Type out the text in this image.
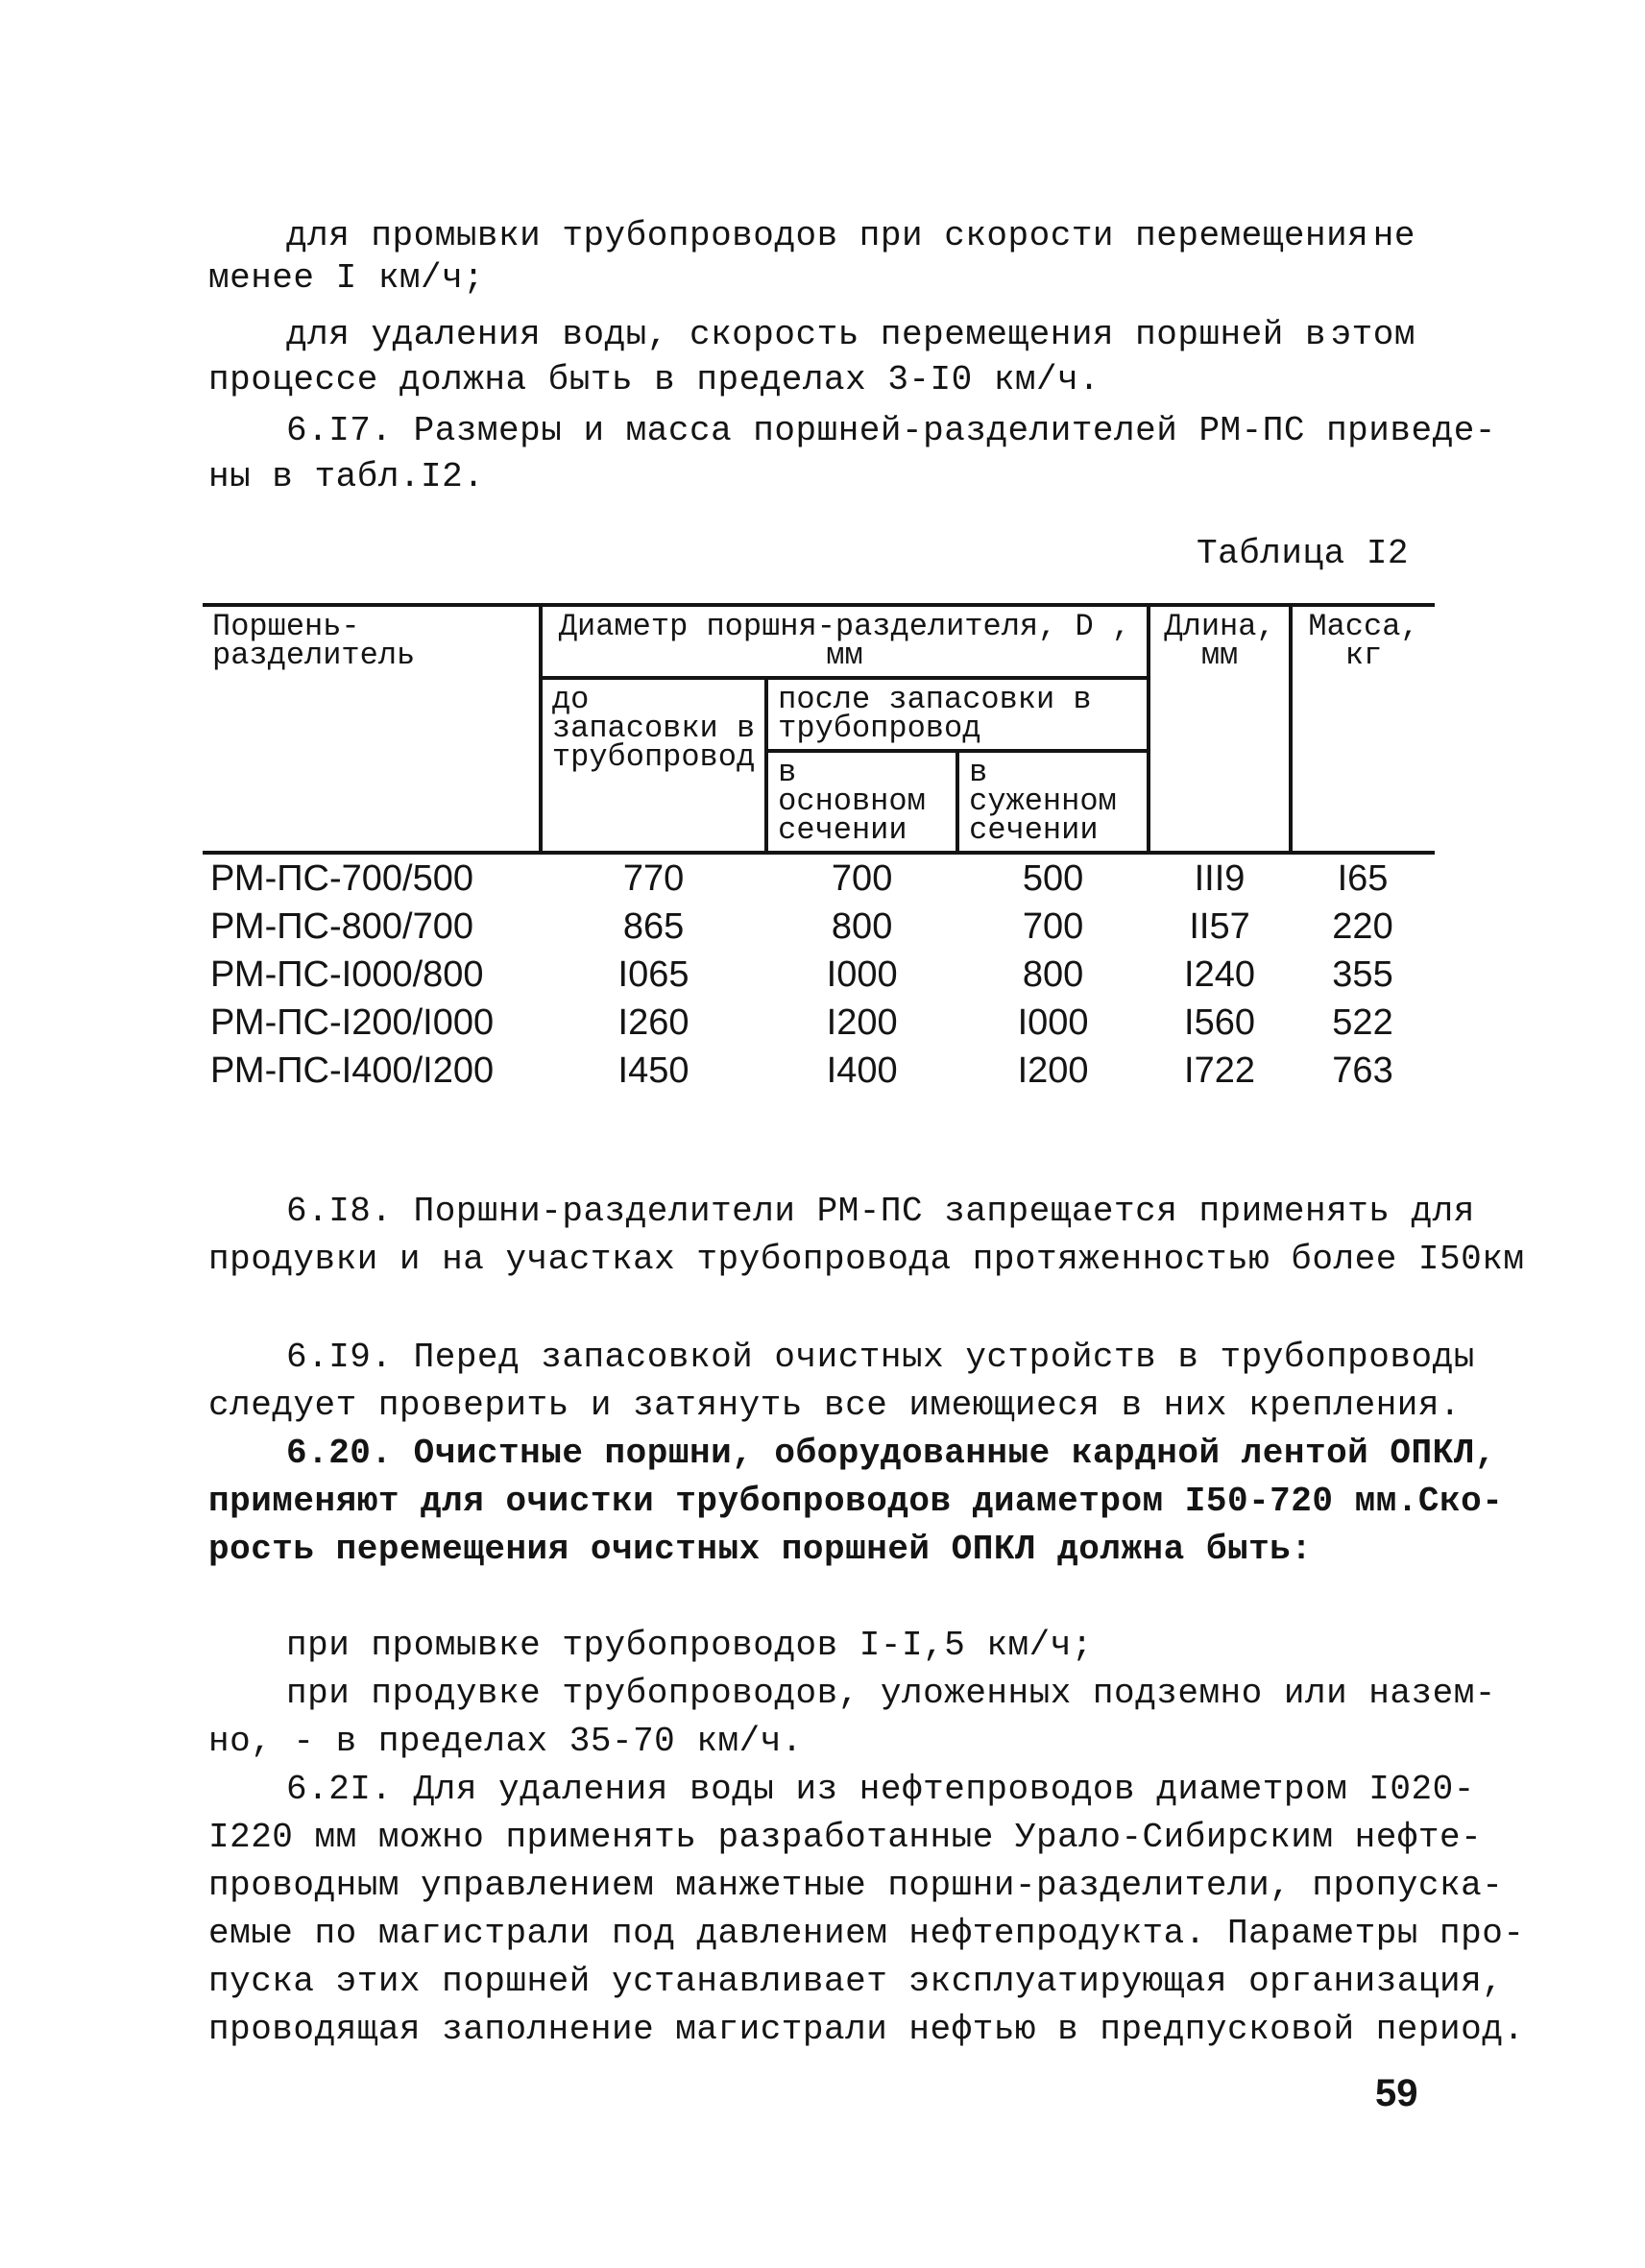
для промывки трубопроводов при скорости перемещения не
менее I км/ч;
для удаления воды, скорость перемещения поршней в этом
процессе должна быть в пределах 3-I0 км/ч.
6.I7. Размеры и масса поршней-разделителей РМ-ПС приведе-
ны в табл.I2.
Таблица I2
Поршень-разделитель	Диаметр поршня-разделителя, D , мм			Длина, мм	Масса, кг
	до запасовки в трубопровод	после запасовки в трубопровод			
		в основном сечении	в суженном сечении		
РМ-ПС-700/500	770	700	500	III9	I65
РМ-ПС-800/700	865	800	700	II57	220
РМ-ПС-I000/800	I065	I000	800	I240	355
РМ-ПС-I200/I000	I260	I200	I000	I560	522
РМ-ПС-I400/I200	I450	I400	I200	I722	763
6.I8. Поршни-разделители РМ-ПС запрещается применять для
продувки и на участках трубопровода протяженностью более I50км
6.I9. Перед запасовкой очистных устройств в трубопроводы
следует проверить и затянуть все имеющиеся в них крепления.
6.20. Очистные поршни, оборудованные кардной лентой ОПКЛ,
применяют для очистки трубопроводов диаметром I50-720 мм.Ско-
рость перемещения очистных поршней ОПКЛ должна быть:
при промывке трубопроводов I-I,5 км/ч;
при продувке трубопроводов, уложенных подземно или назем-
но, - в пределах 35-70 км/ч.
6.2I. Для удаления воды из нефтепроводов диаметром I020-
I220 мм можно применять разработанные Урало-Сибирским нефте-
проводным управлением манжетные поршни-разделители, пропуска-
емые по магистрали под давлением нефтепродукта. Параметры про-
пуска этих поршней устанавливает эксплуатирующая организация,
проводящая заполнение магистрали нефтью в предпусковой период.
59
